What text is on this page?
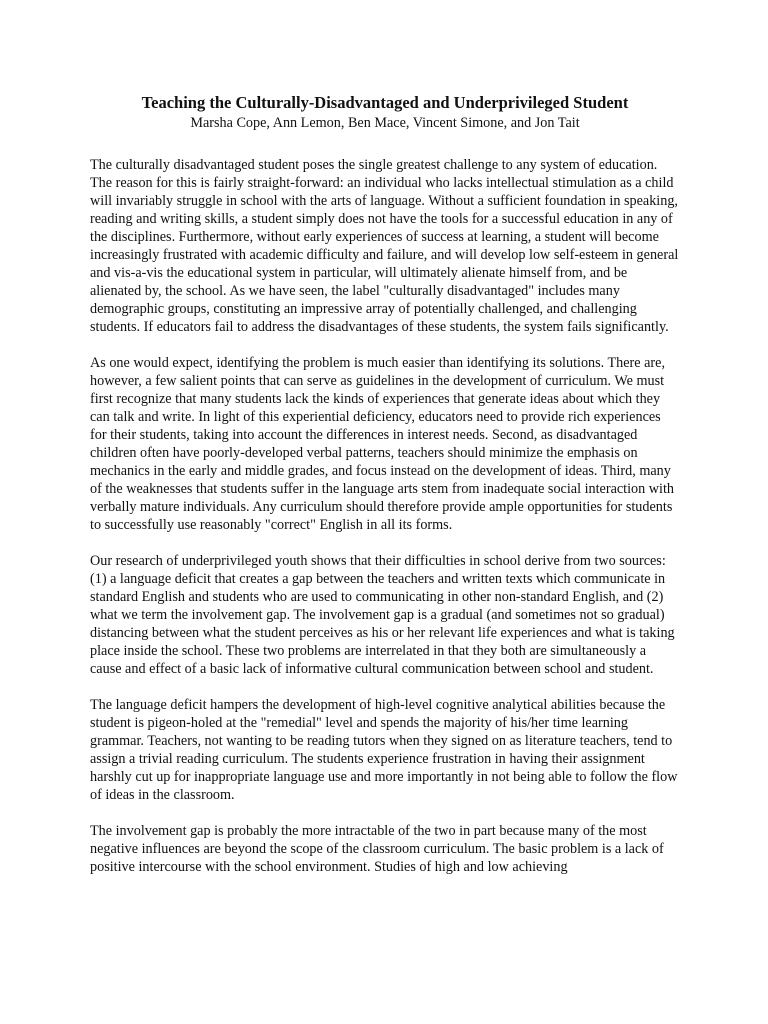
Teaching the Culturally-Disadvantaged and Underprivileged Student

Marsha Cope, Ann Lemon, Ben Mace, Vincent Simone, and Jon Tait

The culturally disadvantaged student poses the single greatest challenge to any system of education. The reason for this is fairly straight-forward: an individual who lacks intellectual stimulation as a child will invariably struggle in school with the arts of language. Without a sufficient foundation in speaking, reading and writing skills, a student simply does not have the tools for a successful education in any of the disciplines. Furthermore, without early experiences of success at learning, a student will become increasingly frustrated with academic difficulty and failure, and will develop low self-esteem in general and vis-a-vis the educational system in particular, will ultimately alienate himself from, and be alienated by, the school. As we have seen, the label "culturally disadvantaged" includes many demographic groups, constituting an impressive array of potentially challenged, and challenging students. If educators fail to address the disadvantages of these students, the system fails significantly.

As one would expect, identifying the problem is much easier than identifying its solutions. There are, however, a few salient points that can serve as guidelines in the development of curriculum. We must first recognize that many students lack the kinds of experiences that generate ideas about which they can talk and write. In light of this experiential deficiency, educators need to provide rich experiences for their students, taking into account the differences in interest needs. Second, as disadvantaged children often have poorly-developed verbal patterns, teachers should minimize the emphasis on mechanics in the early and middle grades, and focus instead on the development of ideas. Third, many of the weaknesses that students suffer in the language arts stem from inadequate social interaction with verbally mature individuals. Any curriculum should therefore provide ample opportunities for students to successfully use reasonably "correct" English in all its forms.

Our research of underprivileged youth shows that their difficulties in school derive from two sources: (1) a language deficit that creates a gap between the teachers and written texts which communicate in standard English and students who are used to communicating in other non-standard English, and (2) what we term the involvement gap. The involvement gap is a gradual (and sometimes not so gradual) distancing between what the student perceives as his or her relevant life experiences and what is taking place inside the school. These two problems are interrelated in that they both are simultaneously a cause and effect of a basic lack of informative cultural communication between school and student.

The language deficit hampers the development of high-level cognitive analytical abilities because the student is pigeon-holed at the "remedial" level and spends the majority of his/her time learning grammar. Teachers, not wanting to be reading tutors when they signed on as literature teachers, tend to assign a trivial reading curriculum. The students experience frustration in having their assignment harshly cut up for inappropriate language use and more importantly in not being able to follow the flow of ideas in the classroom.

The involvement gap is probably the more intractable of the two in part because many of the most negative influences are beyond the scope of the classroom curriculum. The basic problem is a lack of positive intercourse with the school environment. Studies of high and low achieving
